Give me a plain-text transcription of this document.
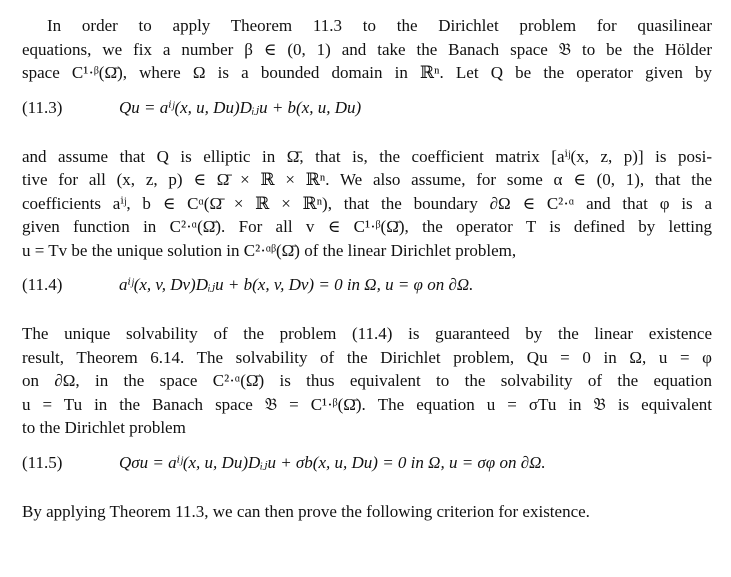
In order to apply Theorem 11.3 to the Dirichlet problem for quasilinear
equations, we fix a number β ∈ (0, 1) and take the Banach space 𝔅 to be the Hölder
space C¹·ᵝ(Ω̄), where Ω is a bounded domain in ℝⁿ. Let Q be the operator given by

(11.3)	Qu = aⁱʲ(x, u, Du)Dᵢⱼu + b(x, u, Du)

and assume that Q is elliptic in Ω̄, that is, the coefficient matrix [aⁱʲ(x, z, p)] is posi-
tive for all (x, z, p) ∈ Ω̄ × ℝ × ℝⁿ. We also assume, for some α ∈ (0, 1), that the
coefficients aⁱʲ, b ∈ Cᵅ(Ω̄ × ℝ × ℝⁿ), that the boundary ∂Ω ∈ C²·ᵅ and that φ is a
given function in C²·ᵅ(Ω̄). For all v ∈ C¹·ᵝ(Ω̄), the operator T is defined by letting
u = Tv be the unique solution in C²·ᵅᵝ(Ω̄) of the linear Dirichlet problem,

(11.4)	aⁱʲ(x, v, Dv)Dᵢⱼu + b(x, v, Dv) = 0 in Ω, u = φ on ∂Ω.

The unique solvability of the problem (11.4) is guaranteed by the linear existence
result, Theorem 6.14. The solvability of the Dirichlet problem, Qu = 0 in Ω, u = φ
on ∂Ω, in the space C²·ᵅ(Ω̄) is thus equivalent to the solvability of the equation
u = Tu in the Banach space 𝔅 = C¹·ᵝ(Ω̄). The equation u = σTu in 𝔅 is equivalent
to the Dirichlet problem

(11.5)	Qσu = aⁱʲ(x, u, Du)Dᵢⱼu + σb(x, u, Du) = 0 in Ω, u = σφ on ∂Ω.

By applying Theorem 11.3, we can then prove the following criterion for existence.
